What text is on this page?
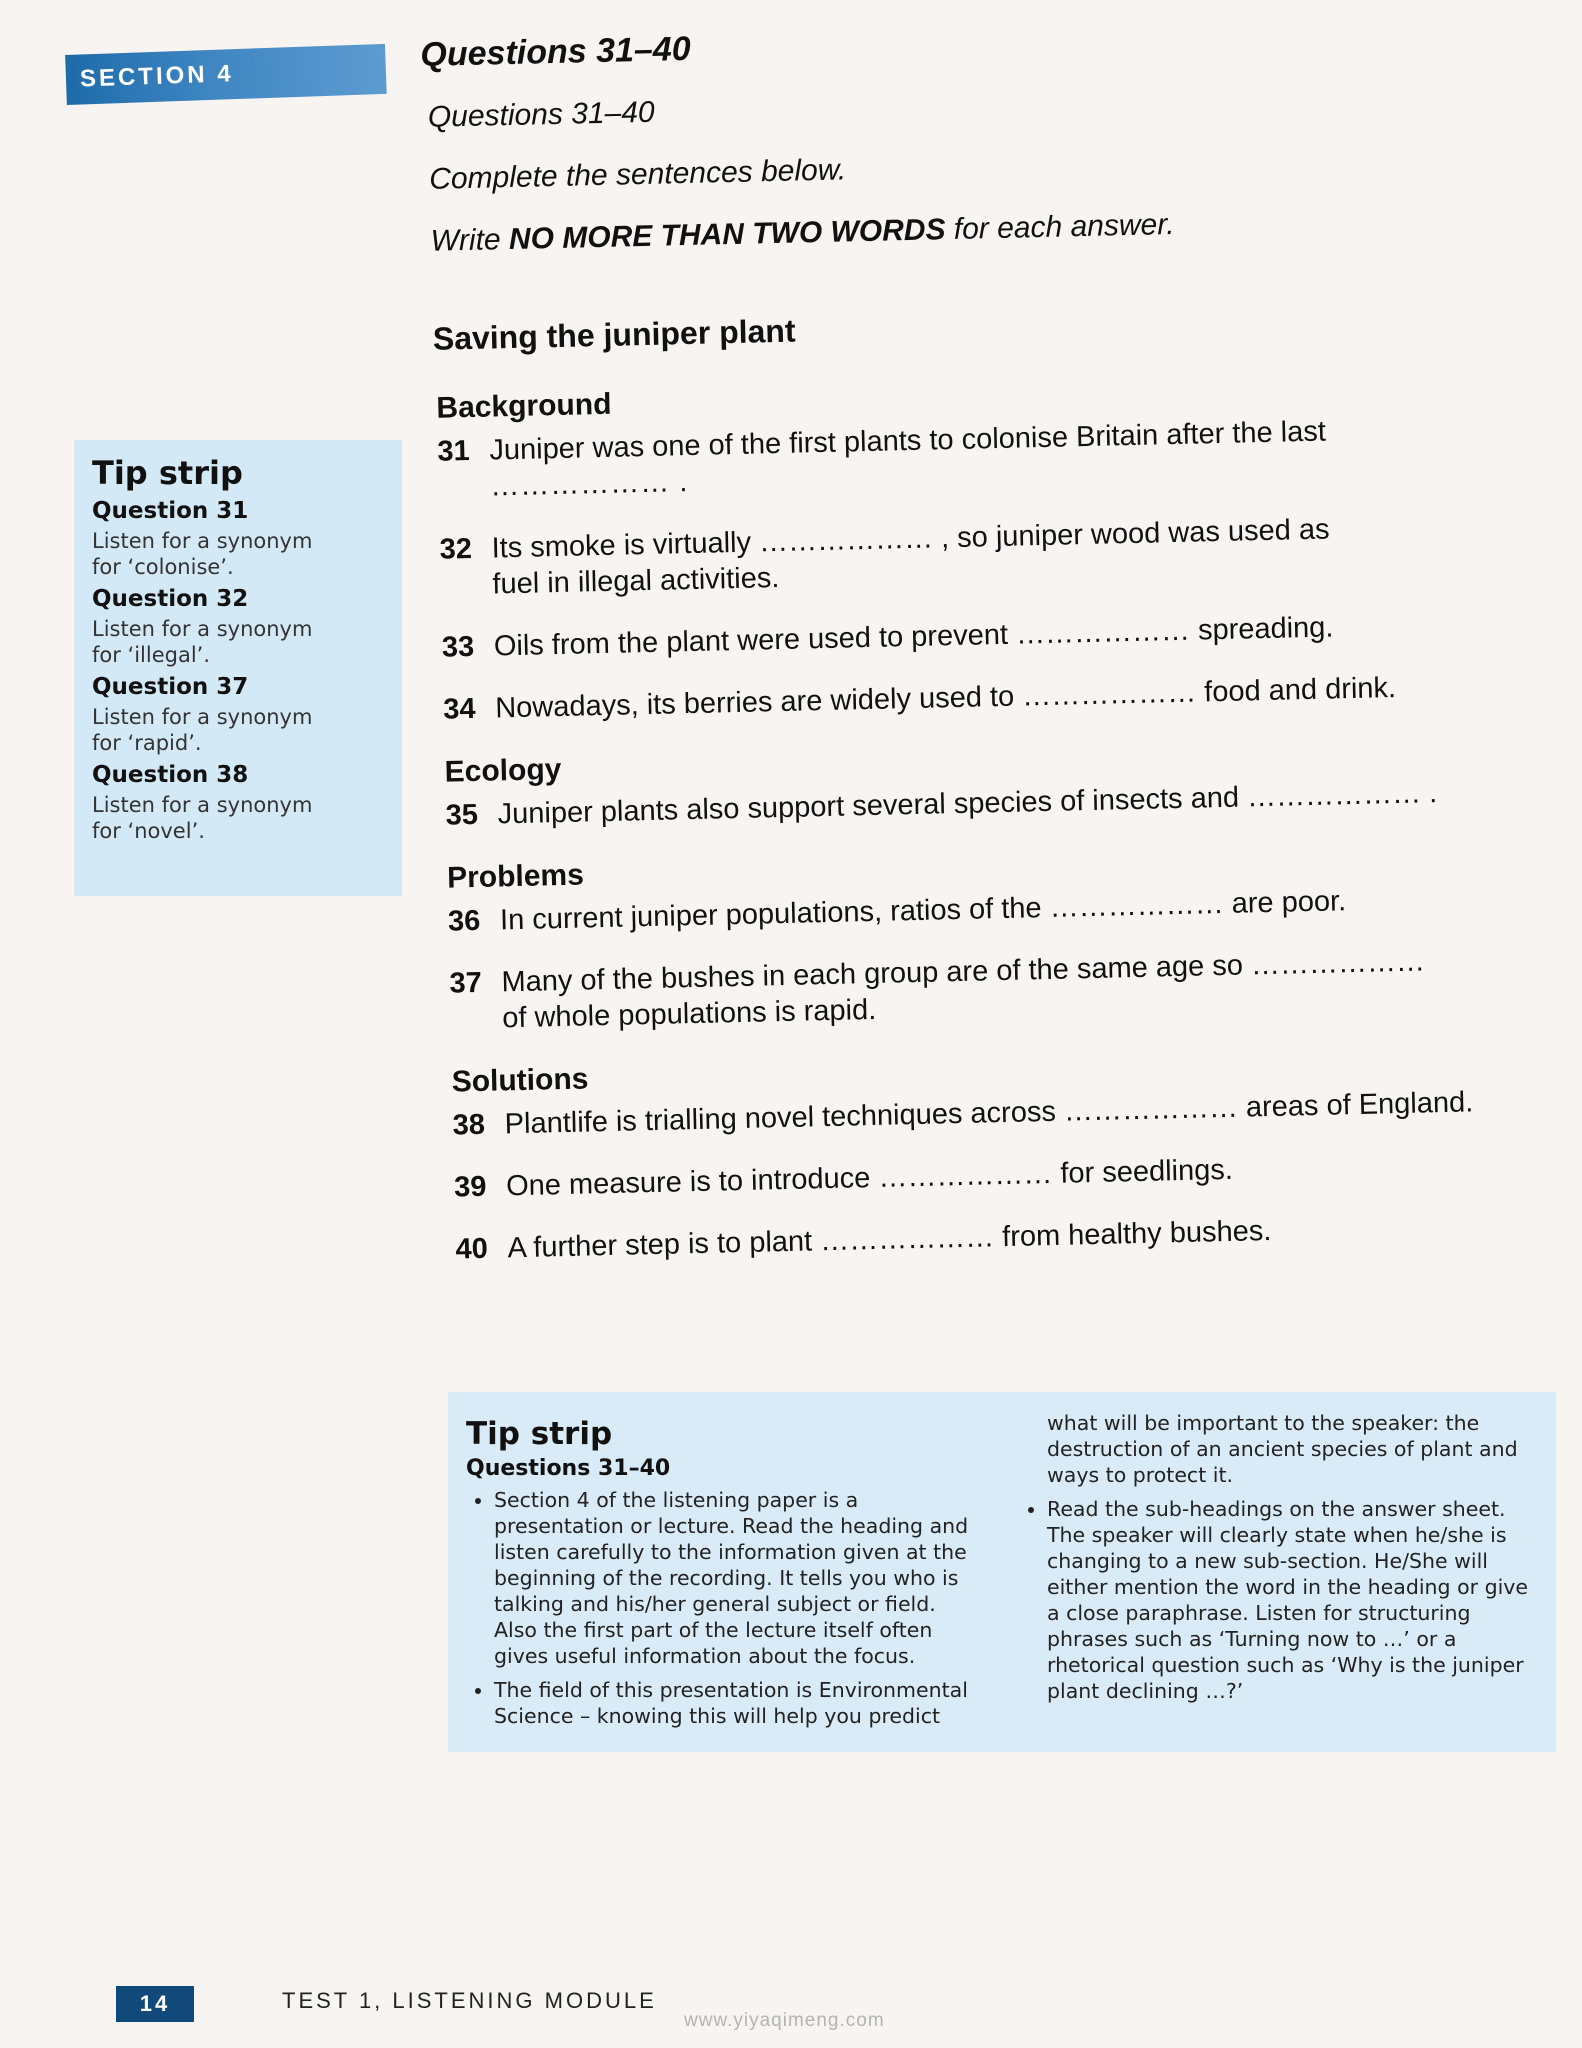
SECTION 4
Questions 31–40
Questions 31–40
Complete the sentences below.
Write NO MORE THAN TWO WORDS for each answer.
Saving the juniper plant
Background
31 Juniper was one of the first plants to colonise Britain after the last
……………… .
32 Its smoke is virtually ……………… , so juniper wood was used as
fuel in illegal activities.
33 Oils from the plant were used to prevent ……………… spreading.
34 Nowadays, its berries are widely used to ……………… food and drink.
Ecology
35 Juniper plants also support several species of insects and ……………… .
Problems
36 In current juniper populations, ratios of the ……………… are poor.
37 Many of the bushes in each group are of the same age so ………………
of whole populations is rapid.
Solutions
38 Plantlife is trialling novel techniques across ……………… areas of England.
39 One measure is to introduce ……………… for seedlings.
40 A further step is to plant ……………… from healthy bushes.
Tip strip
Question 31
Listen for a synonym for ‘colonise’.
Question 32
Listen for a synonym for ‘illegal’.
Question 37
Listen for a synonym for ‘rapid’.
Question 38
Listen for a synonym for ‘novel’.
Tip strip
Questions 31–40
• Section 4 of the listening paper is a presentation or lecture. Read the heading and listen carefully to the information given at the beginning of the recording. It tells you who is talking and his/her general subject or field. Also the first part of the lecture itself often gives useful information about the focus.
• The field of this presentation is Environmental Science – knowing this will help you predict

what will be important to the speaker: the destruction of an ancient species of plant and ways to protect it.

• Read the sub-headings on the answer sheet. The speaker will clearly state when he/she is changing to a new sub-section. He/She will either mention the word in the heading or give a close paraphrase. Listen for structuring phrases such as ‘Turning now to …’ or a rhetorical question such as ‘Why is the juniper plant declining …?’
14	TEST 1, LISTENING MODULE
www.yiyaqimeng.com
